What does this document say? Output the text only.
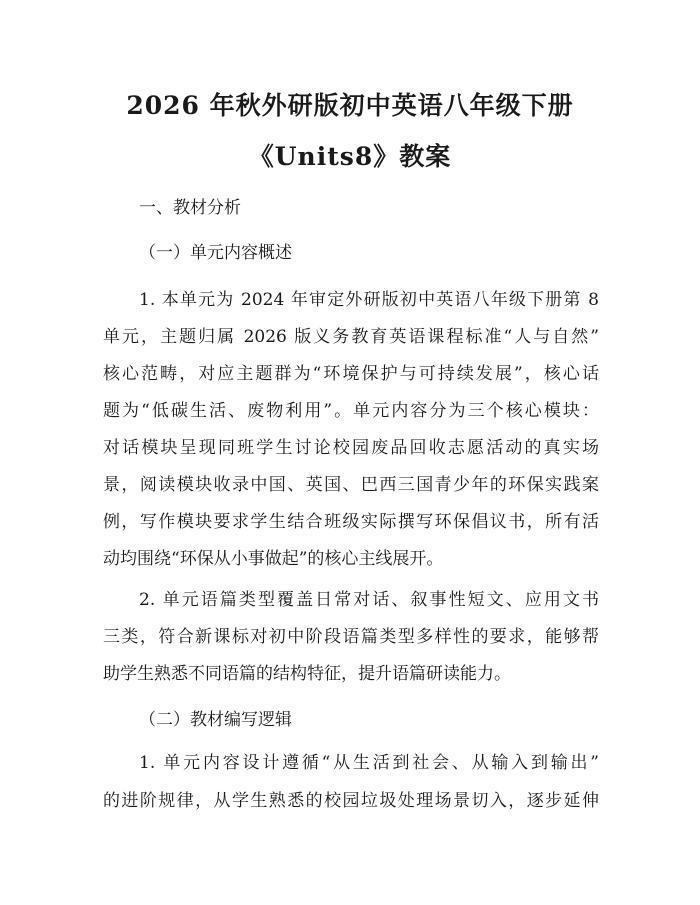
2026 年秋外研版初中英语八年级下册
《Units8》教案
一、教材分析
（一）单元内容概述
1. 本单元为 2024 年审定外研版初中英语八年级下册第 8
单元，主题归属 2026 版义务教育英语课程标准“人与自然”
核心范畴，对应主题群为“环境保护与可持续发展”，核心话
题为“低碳生活、废物利用”。单元内容分为三个核心模块：
对话模块呈现同班学生讨论校园废品回收志愿活动的真实场
景，阅读模块收录中国、英国、巴西三国青少年的环保实践案
例，写作模块要求学生结合班级实际撰写环保倡议书，所有活
动均围绕“环保从小事做起”的核心主线展开。
2. 单元语篇类型覆盖日常对话、叙事性短文、应用文书
三类，符合新课标对初中阶段语篇类型多样性的要求，能够帮
助学生熟悉不同语篇的结构特征，提升语篇研读能力。
（二）教材编写逻辑
1. 单元内容设计遵循“从生活到社会、从输入到输出”
的进阶规律，从学生熟悉的校园垃圾处理场景切入，逐步延伸
